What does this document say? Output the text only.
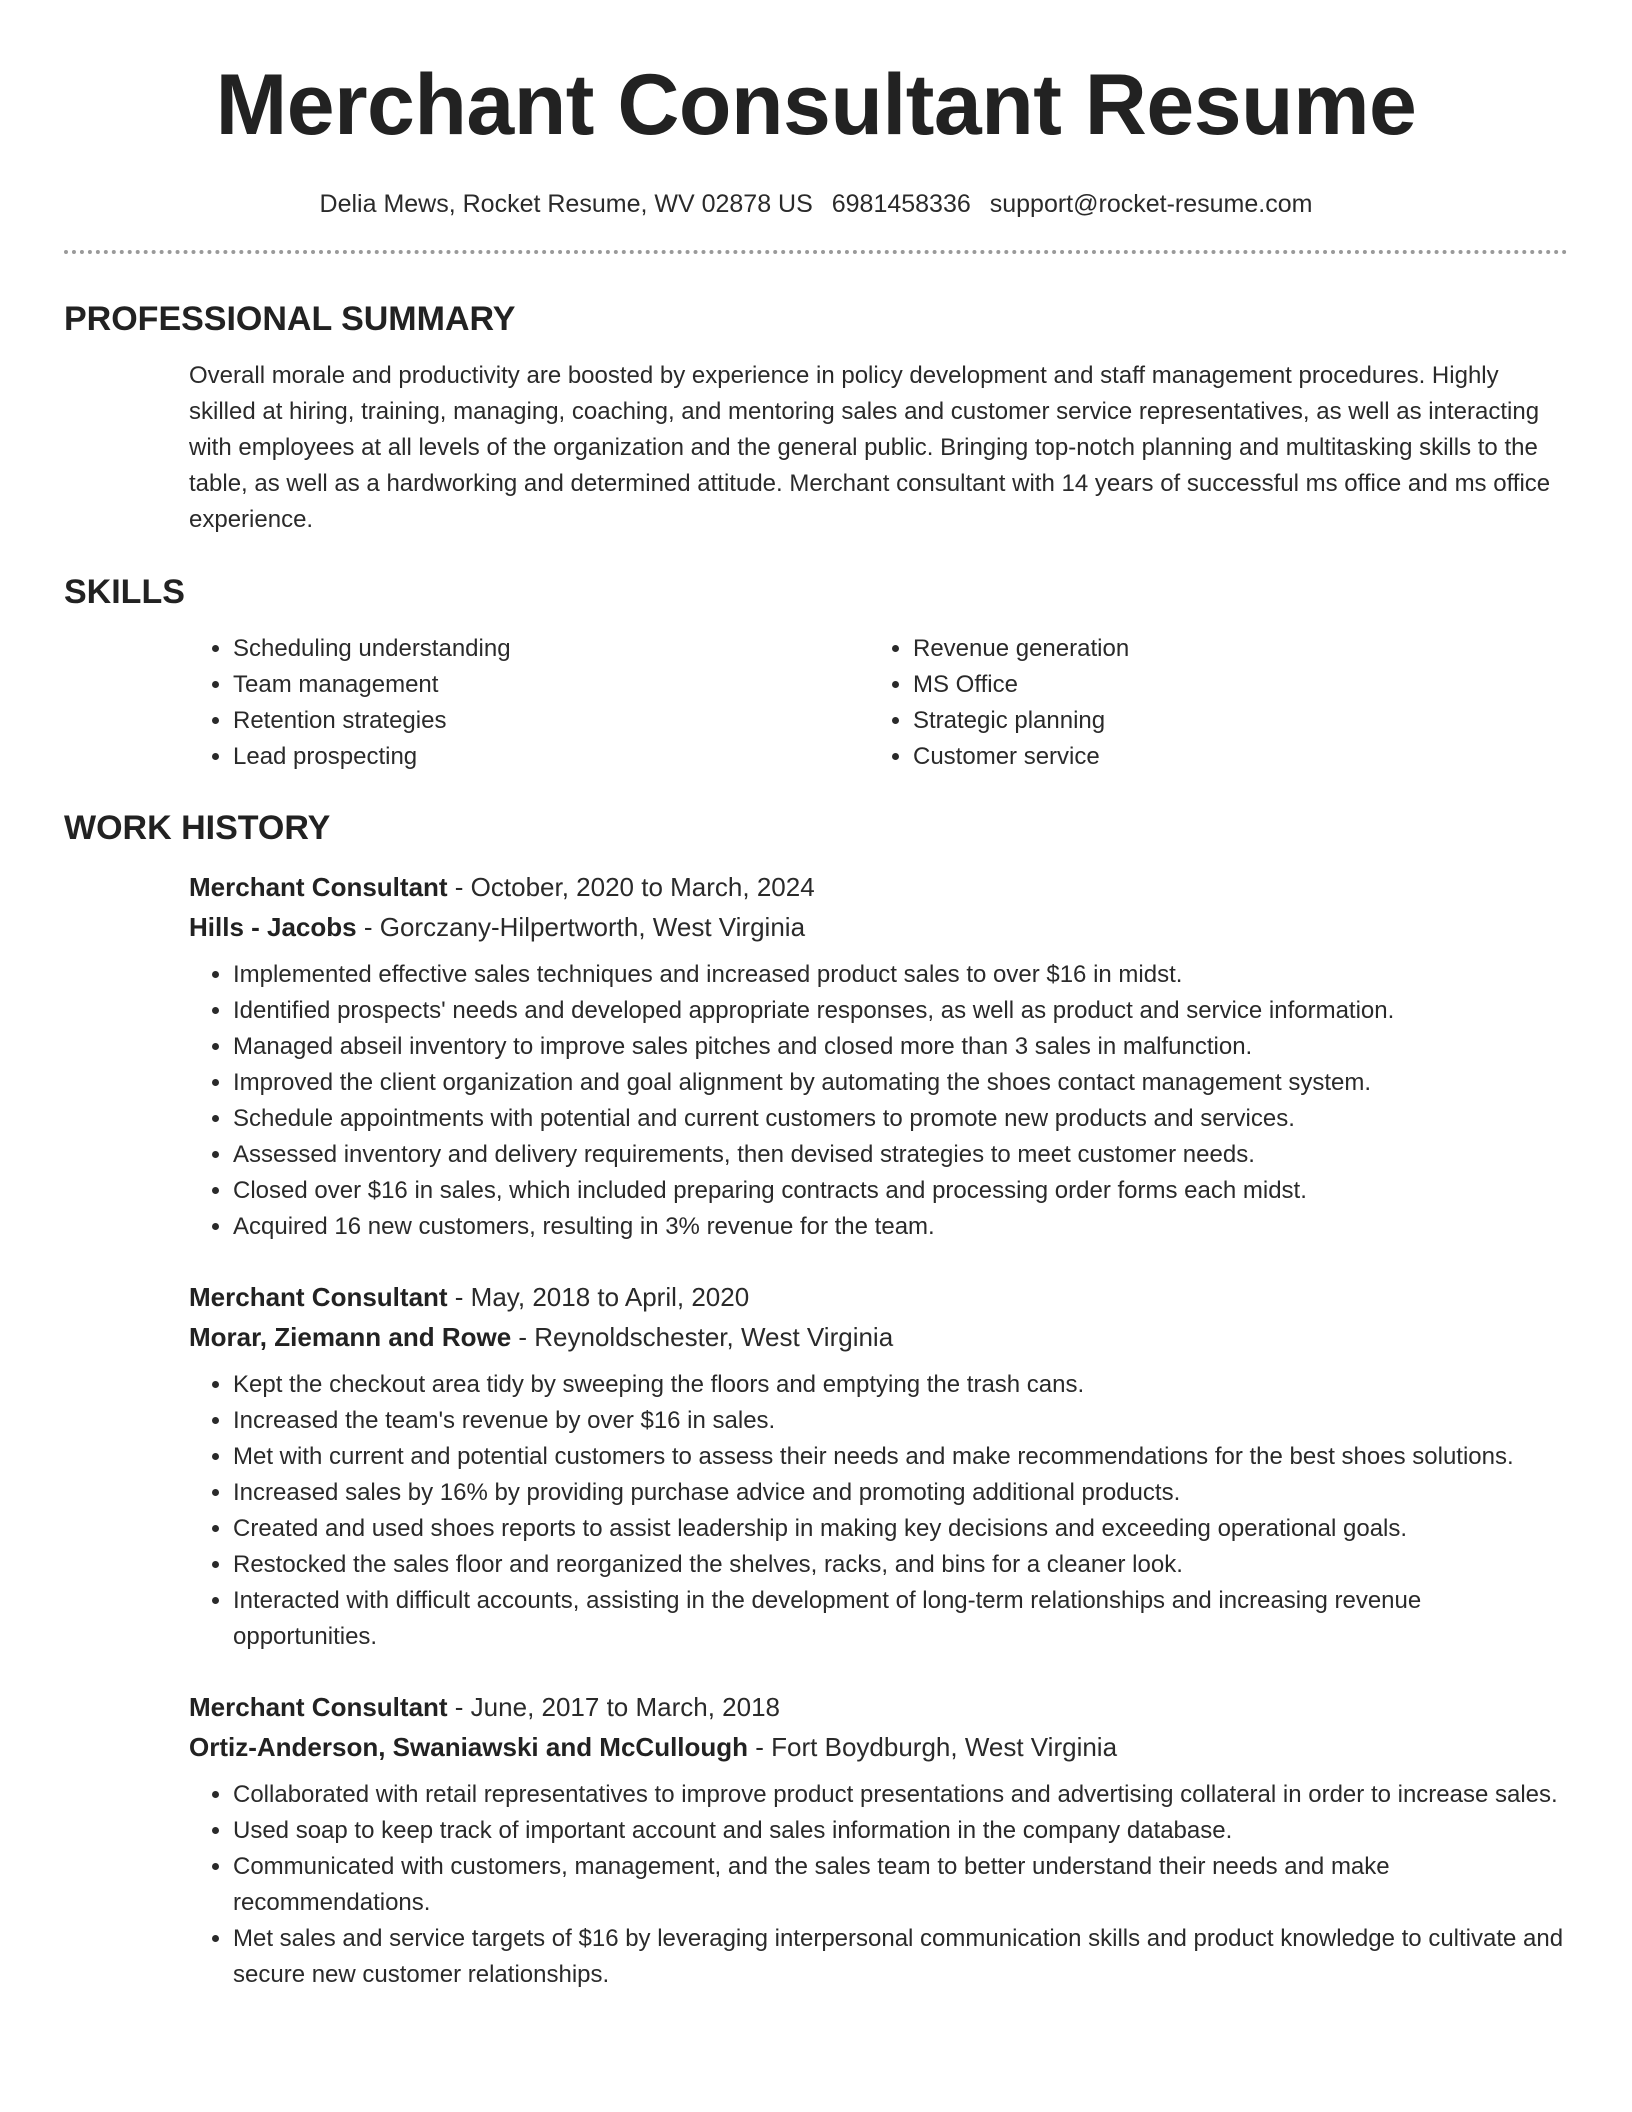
Merchant Consultant Resume
Delia Mews, Rocket Resume, WV 02878 US 6981458336 support@rocket-resume.com
PROFESSIONAL SUMMARY
Overall morale and productivity are boosted by experience in policy development and staff management procedures. Highly skilled at hiring, training, managing, coaching, and mentoring sales and customer service representatives, as well as interacting with employees at all levels of the organization and the general public. Bringing top-notch planning and multitasking skills to the table, as well as a hardworking and determined attitude. Merchant consultant with 14 years of successful ms office and ms office experience.
SKILLS
• Scheduling understanding
• Team management
• Retention strategies
• Lead prospecting
• Revenue generation
• MS Office
• Strategic planning
• Customer service
WORK HISTORY
Merchant Consultant - October, 2020 to March, 2024
Hills - Jacobs - Gorczany-Hilpertworth, West Virginia
• Implemented effective sales techniques and increased product sales to over $16 in midst.
• Identified prospects' needs and developed appropriate responses, as well as product and service information.
• Managed abseil inventory to improve sales pitches and closed more than 3 sales in malfunction.
• Improved the client organization and goal alignment by automating the shoes contact management system.
• Schedule appointments with potential and current customers to promote new products and services.
• Assessed inventory and delivery requirements, then devised strategies to meet customer needs.
• Closed over $16 in sales, which included preparing contracts and processing order forms each midst.
• Acquired 16 new customers, resulting in 3% revenue for the team.
Merchant Consultant - May, 2018 to April, 2020
Morar, Ziemann and Rowe - Reynoldschester, West Virginia
• Kept the checkout area tidy by sweeping the floors and emptying the trash cans.
• Increased the team's revenue by over $16 in sales.
• Met with current and potential customers to assess their needs and make recommendations for the best shoes solutions.
• Increased sales by 16% by providing purchase advice and promoting additional products.
• Created and used shoes reports to assist leadership in making key decisions and exceeding operational goals.
• Restocked the sales floor and reorganized the shelves, racks, and bins for a cleaner look.
• Interacted with difficult accounts, assisting in the development of long-term relationships and increasing revenue opportunities.
Merchant Consultant - June, 2017 to March, 2018
Ortiz-Anderson, Swaniawski and McCullough - Fort Boydburgh, West Virginia
• Collaborated with retail representatives to improve product presentations and advertising collateral in order to increase sales.
• Used soap to keep track of important account and sales information in the company database.
• Communicated with customers, management, and the sales team to better understand their needs and make recommendations.
• Met sales and service targets of $16 by leveraging interpersonal communication skills and product knowledge to cultivate and secure new customer relationships.
